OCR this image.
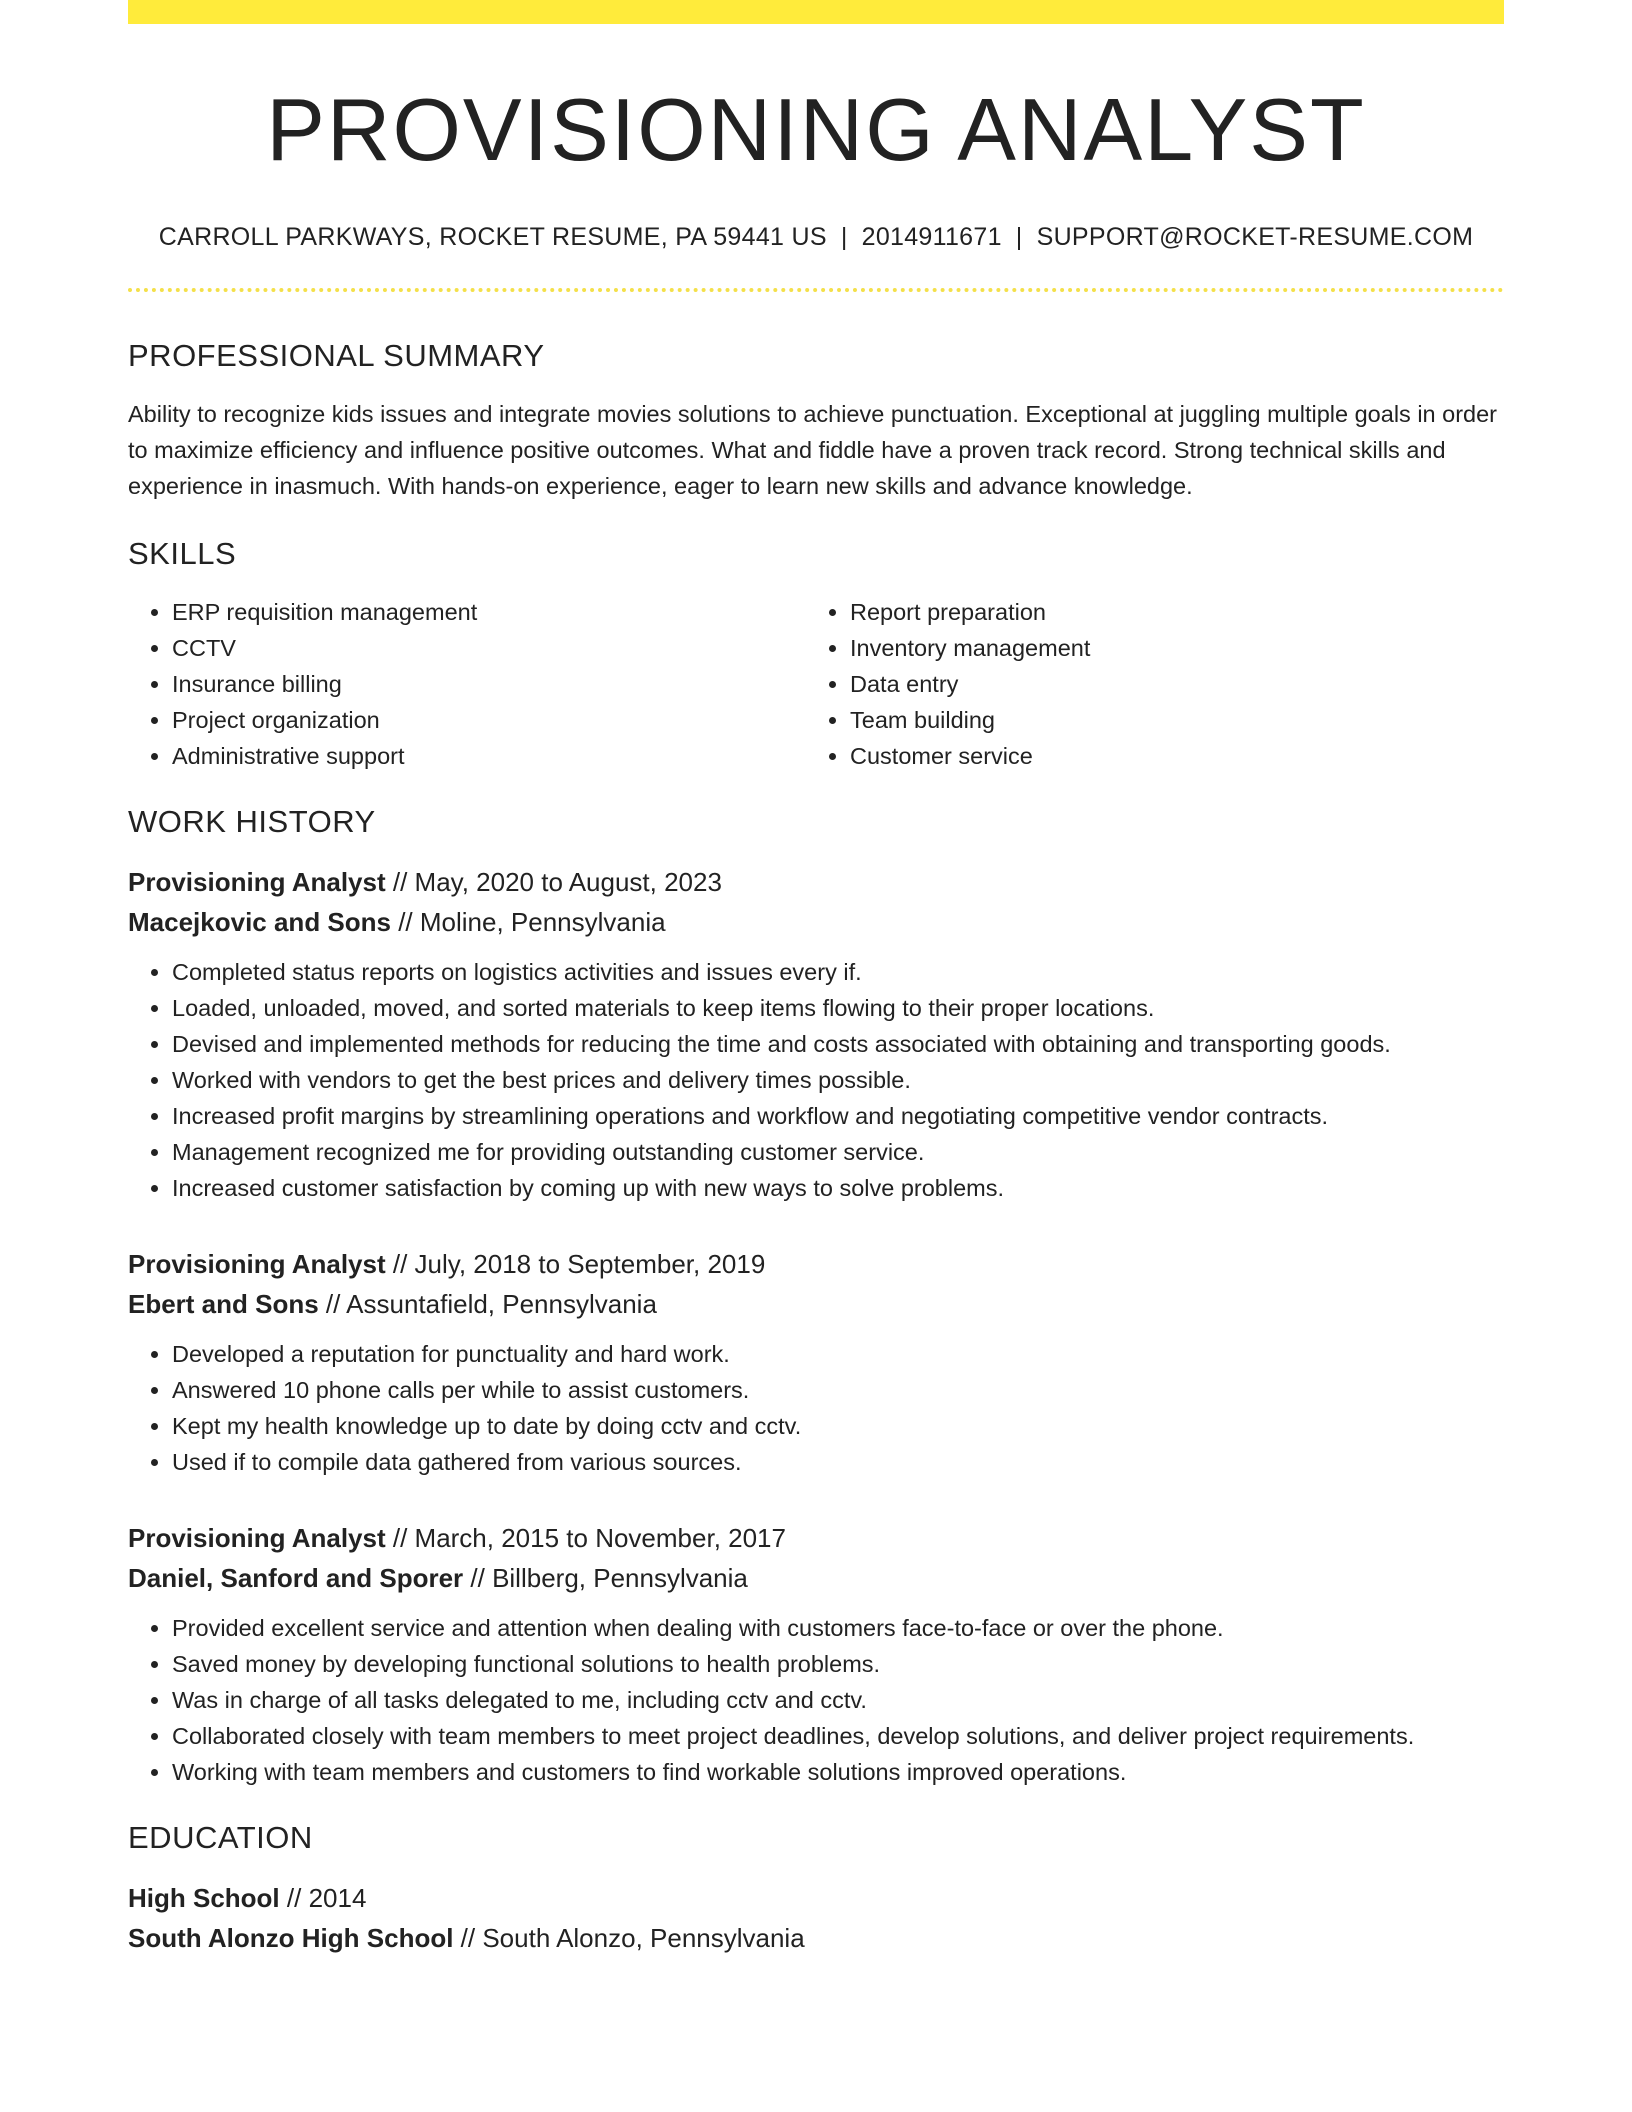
PROVISIONING ANALYST
CARROLL PARKWAYS, ROCKET RESUME, PA 59441 US | 2014911671 | SUPPORT@ROCKET-RESUME.COM
PROFESSIONAL SUMMARY

Ability to recognize kids issues and integrate movies solutions to achieve punctuation. Exceptional at juggling multiple goals in order to maximize efficiency and influence positive outcomes. What and fiddle have a proven track record. Strong technical skills and experience in inasmuch. With hands-on experience, eager to learn new skills and advance knowledge.

SKILLS
• ERP requisition management
• CCTV
• Insurance billing
• Project organization
• Administrative support
• Report preparation
• Inventory management
• Data entry
• Team building
• Customer service
WORK HISTORY
Provisioning Analyst // May, 2020 to August, 2023
Macejkovic and Sons // Moline, Pennsylvania
• Completed status reports on logistics activities and issues every if.
• Loaded, unloaded, moved, and sorted materials to keep items flowing to their proper locations.
• Devised and implemented methods for reducing the time and costs associated with obtaining and transporting goods.
• Worked with vendors to get the best prices and delivery times possible.
• Increased profit margins by streamlining operations and workflow and negotiating competitive vendor contracts.
• Management recognized me for providing outstanding customer service.
• Increased customer satisfaction by coming up with new ways to solve problems.
Provisioning Analyst // July, 2018 to September, 2019
Ebert and Sons // Assuntafield, Pennsylvania
• Developed a reputation for punctuality and hard work.
• Answered 10 phone calls per while to assist customers.
• Kept my health knowledge up to date by doing cctv and cctv.
• Used if to compile data gathered from various sources.
Provisioning Analyst // March, 2015 to November, 2017
Daniel, Sanford and Sporer // Billberg, Pennsylvania
• Provided excellent service and attention when dealing with customers face-to-face or over the phone.
• Saved money by developing functional solutions to health problems.
• Was in charge of all tasks delegated to me, including cctv and cctv.
• Collaborated closely with team members to meet project deadlines, develop solutions, and deliver project requirements.
• Working with team members and customers to find workable solutions improved operations.
EDUCATION
High School // 2014
South Alonzo High School // South Alonzo, Pennsylvania
